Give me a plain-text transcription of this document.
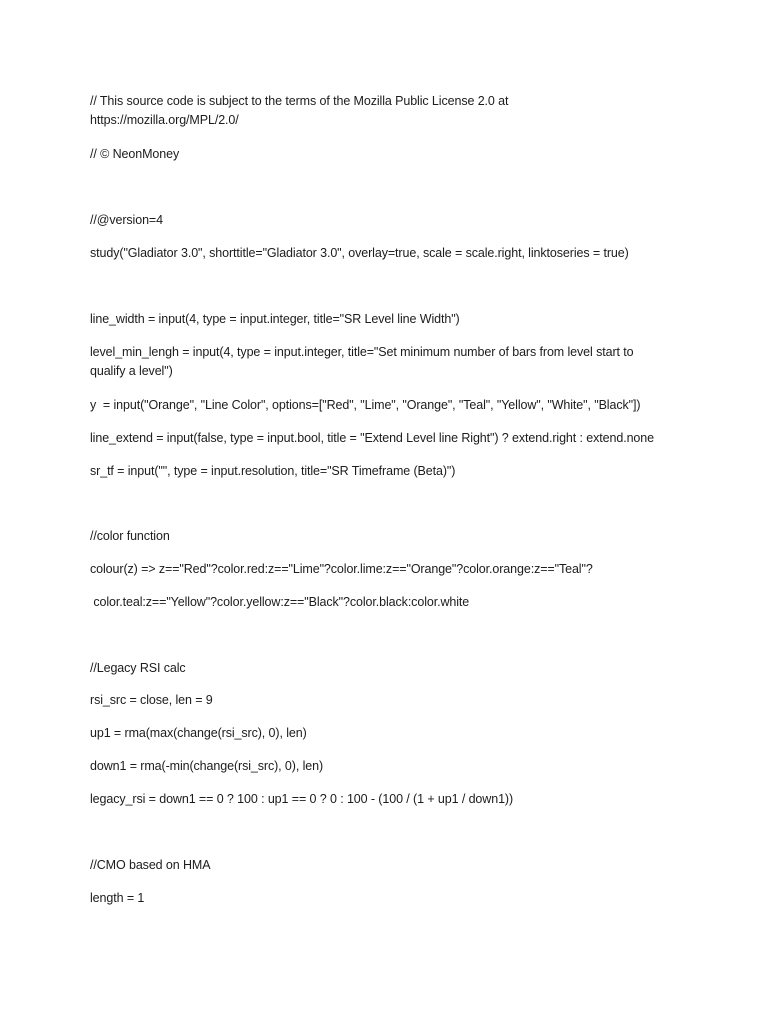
// This source code is subject to the terms of the Mozilla Public License 2.0 at
https://mozilla.org/MPL/2.0/
// © NeonMoney
//@version=4
study("Gladiator 3.0", shorttitle="Gladiator 3.0", overlay=true, scale = scale.right, linktoseries = true)
line_width = input(4, type = input.integer, title="SR Level line Width")
level_min_lengh = input(4, type = input.integer, title="Set minimum number of bars from level start to
qualify a level")
y  = input("Orange", "Line Color", options=["Red", "Lime", "Orange", "Teal", "Yellow", "White", "Black"])
line_extend = input(false, type = input.bool, title = "Extend Level line Right") ? extend.right : extend.none
sr_tf = input("", type = input.resolution, title="SR Timeframe (Beta)")
//color function
colour(z) => z=="Red"?color.red:z=="Lime"?color.lime:z=="Orange"?color.orange:z=="Teal"?
color.teal:z=="Yellow"?color.yellow:z=="Black"?color.black:color.white
//Legacy RSI calc
rsi_src = close, len = 9
up1 = rma(max(change(rsi_src), 0), len)
down1 = rma(-min(change(rsi_src), 0), len)
legacy_rsi = down1 == 0 ? 100 : up1 == 0 ? 0 : 100 - (100 / (1 + up1 / down1))
//CMO based on HMA
length = 1
